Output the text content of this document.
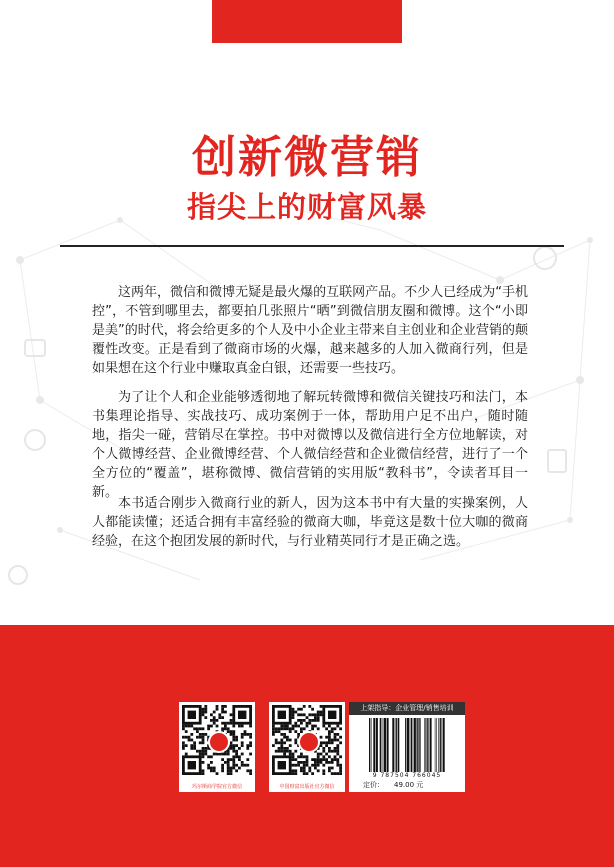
创新微营销
指尖上的财富风暴

这两年，微信和微博无疑是最火爆的互联网产品。不少人已经成为“手机控”，不管到哪里去，都要拍几张照片“晒”到微信朋友圈和微博。这个“小即是美”的时代，将会给更多的个人及中小企业主带来自主创业和企业营销的颠覆性改变。正是看到了微商市场的火爆，越来越多的人加入微商行列，但是如果想在这个行业中赚取真金白银，还需要一些技巧。

为了让个人和企业能够透彻地了解玩转微博和微信关键技巧和法门，本书集理论指导、实战技巧、成功案例于一体，帮助用户足不出户，随时随地，指尖一碰，营销尽在掌控。书中对微博以及微信进行全方位地解读，对个人微博经营、企业微博经营、个人微信经营和企业微信经营，进行了一个全方位的“覆盖”，堪称微博、微信营销的实用版“教科书”，令读者耳目一新。

本书适合刚步入微商行业的新人，因为这本书中有大量的实操案例，人人都能读懂；还适合拥有丰富经验的微商大咖，毕竟这是数十位大咖的微商经验，在这个抱团发展的新时代，与行业精英同行才是正确之选。

玛尔斯商学院官方微信	中国财富出版社官方微信
上架指导：企业管理/销售培训
9 787504 766045
定价： 49.00 元
